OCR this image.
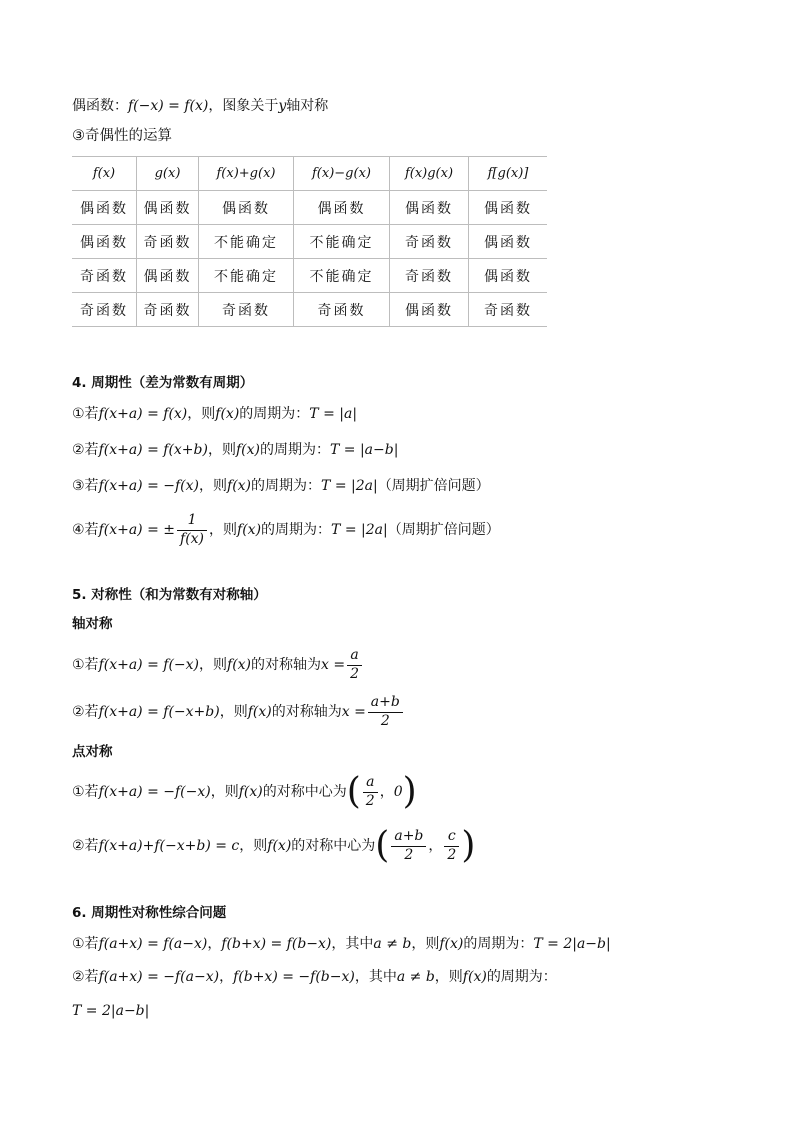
偶函数：f(−x) = f(x)，图象关于y轴对称
③奇偶性的运算
f(x)	g(x)	f(x)+g(x)	f(x)−g(x)	f(x)g(x)	f[g(x)]
偶函数	偶函数	偶函数	偶函数	偶函数	偶函数
偶函数	奇函数	不能确定	不能确定	奇函数	偶函数
奇函数	偶函数	不能确定	不能确定	奇函数	偶函数
奇函数	奇函数	奇函数	奇函数	偶函数	奇函数
4. 周期性（差为常数有周期）
①若f(x+a) = f(x)，则f(x)的周期为：T = |a|
②若f(x+a) = f(x+b)，则f(x)的周期为：T = |a−b|
③若f(x+a) = −f(x)，则f(x)的周期为：T = |2a|（周期扩倍问题）
④若f(x+a) = ± $\frac{1}{f(x)}$ ，则f(x)的周期为：T = |2a|（周期扩倍问题）
5. 对称性（和为常数有对称轴）
轴对称
①若f(x+a) = f(−x)，则f(x)的对称轴为$x = \frac{a}{2}$
②若f(x+a) = f(−x+b)，则f(x)的对称轴为$x = \frac{a+b}{2}$
点对称
①若f(x+a) = −f(−x)，则f(x)的对称中心为( $\frac{a}{2}$ ，0)
②若f(x+a)+f(−x+b) = c，则f(x)的对称中心为( $\frac{a+b}{2}$ ， $\frac{c}{2}$ )
6. 周期性对称性综合问题
①若f(a+x) = f(a−x)，f(b+x) = f(b−x)，其中a ≠ b，则f(x)的周期为：T = 2|a−b|
②若f(a+x) = −f(a−x)，f(b+x) = −f(b−x)，其中a ≠ b，则f(x)的周期为：
T = 2|a−b|
